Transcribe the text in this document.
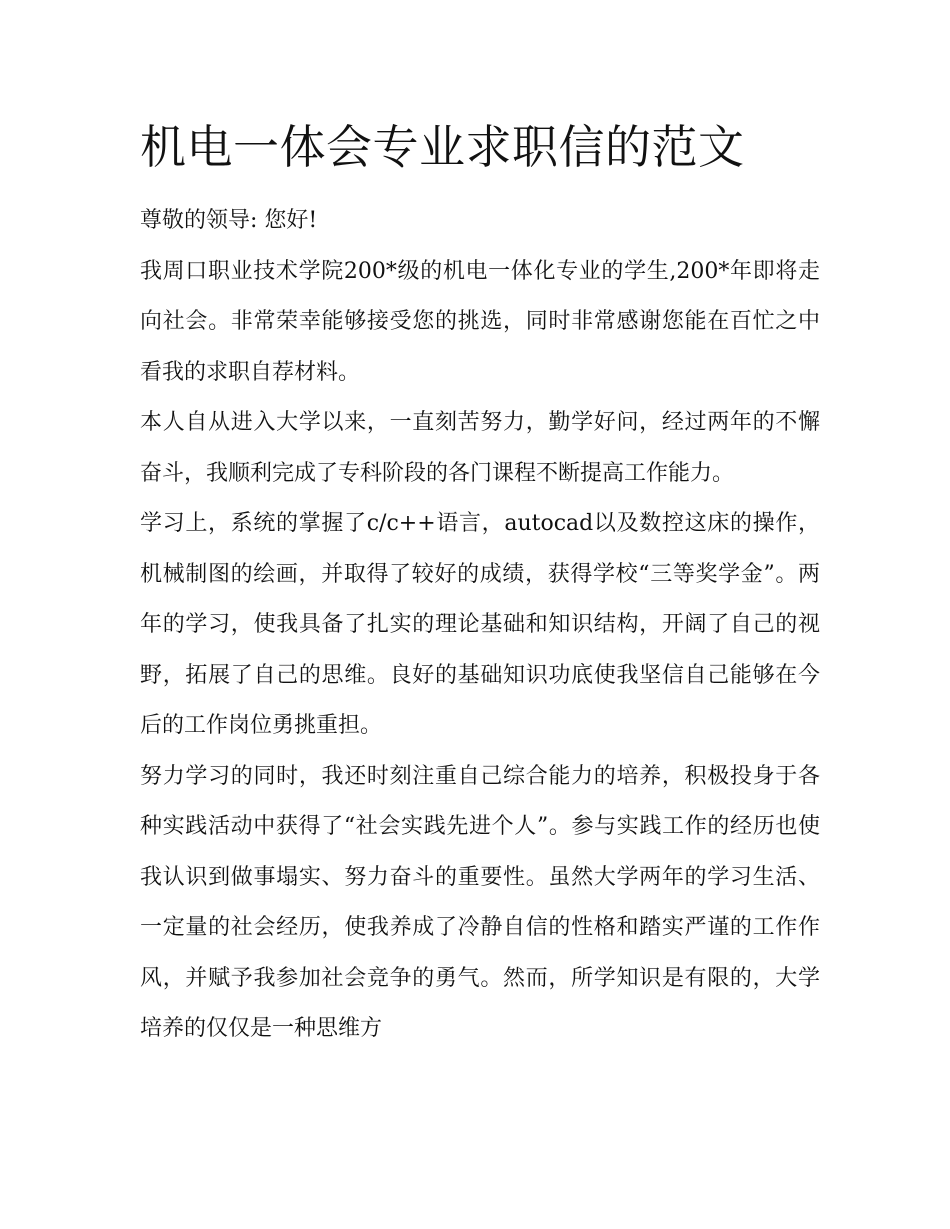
机电一体会专业求职信的范文

尊敬的领导: 您好!

我周口职业技术学院200*级的机电一体化专业的学生,200*年即将走向社会。非常荣幸能够接受您的挑选，同时非常感谢您能在百忙之中看我的求职自荐材料。

本人自从进入大学以来，一直刻苦努力，勤学好问，经过两年的不懈奋斗，我顺利完成了专科阶段的各门课程不断提高工作能力。

学习上，系统的掌握了c/c++语言，autocad以及数控这床的操作，机械制图的绘画，并取得了较好的成绩，获得学校“三等奖学金”。两年的学习，使我具备了扎实的理论基础和知识结构，开阔了自己的视野，拓展了自己的思维。良好的基础知识功底使我坚信自己能够在今后的工作岗位勇挑重担。

努力学习的同时，我还时刻注重自己综合能力的培养，积极投身于各种实践活动中获得了“社会实践先进个人”。参与实践工作的经历也使我认识到做事塌实、努力奋斗的重要性。虽然大学两年的学习生活、一定量的社会经历，使我养成了冷静自信的性格和踏实严谨的工作作风，并赋予我参加社会竞争的勇气。然而，所学知识是有限的，大学培养的仅仅是一种思维方
